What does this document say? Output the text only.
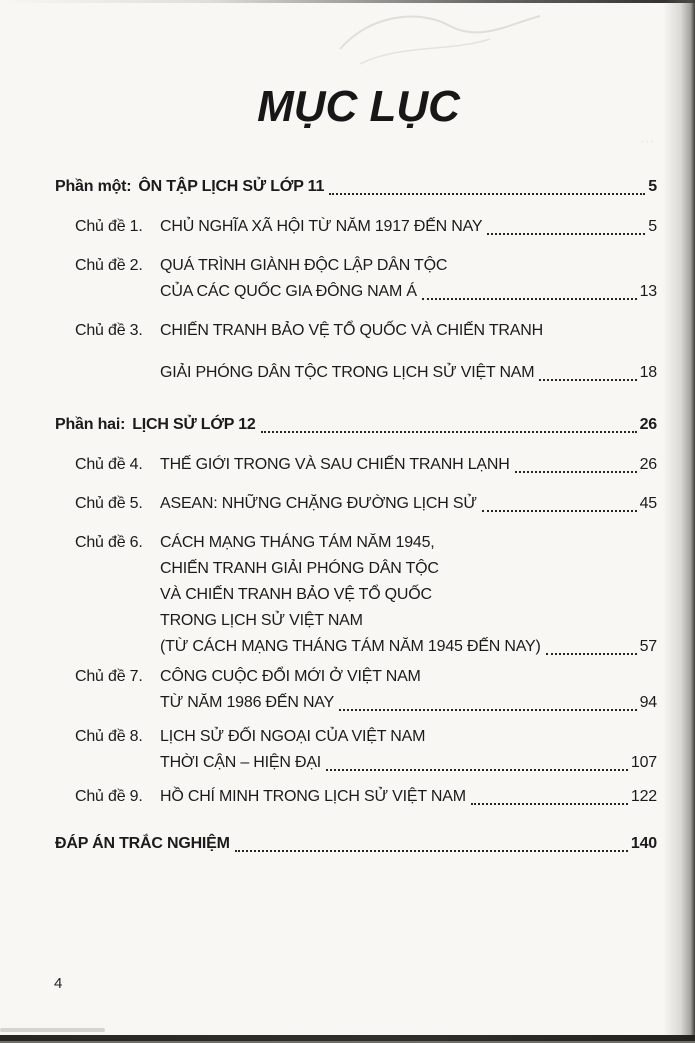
˙˙˙
MỤC LỤC
Phần một: ÔN TẬP LỊCH SỬ LỚP 11	5
Chủ đề 1.	CHỦ NGHĨA XÃ HỘI TỪ NĂM 1917 ĐẾN NAY	5
Chủ đề 2.	QUÁ TRÌNH GIÀNH ĐỘC LẬP DÂN TỘC
CỦA CÁC QUỐC GIA ĐÔNG NAM Á	13
Chủ đề 3.	CHIẾN TRANH BẢO VỆ TỔ QUỐC VÀ CHIẾN TRANH
GIẢI PHÓNG DÂN TỘC TRONG LỊCH SỬ VIỆT NAM	18
Phần hai: LỊCH SỬ LỚP 12	26
Chủ đề 4.	THẾ GIỚI TRONG VÀ SAU CHIẾN TRANH LẠNH	26
Chủ đề 5.	ASEAN: NHỮNG CHẶNG ĐƯỜNG LỊCH SỬ	45
Chủ đề 6.	CÁCH MẠNG THÁNG TÁM NĂM 1945,
CHIẾN TRANH GIẢI PHÓNG DÂN TỘC
VÀ CHIẾN TRANH BẢO VỆ TỔ QUỐC
TRONG LỊCH SỬ VIỆT NAM
(TỪ CÁCH MẠNG THÁNG TÁM NĂM 1945 ĐẾN NAY)	57
Chủ đề 7.	CÔNG CUỘC ĐỔI MỚI Ở VIỆT NAM
TỪ NĂM 1986 ĐẾN NAY	94
Chủ đề 8.	LỊCH SỬ ĐỐI NGOẠI CỦA VIỆT NAM
THỜI CẬN – HIỆN ĐẠI	107
Chủ đề 9.	HỒ CHÍ MINH TRONG LỊCH SỬ VIỆT NAM	122
ĐÁP ÁN TRẮC NGHIỆM	140
4
